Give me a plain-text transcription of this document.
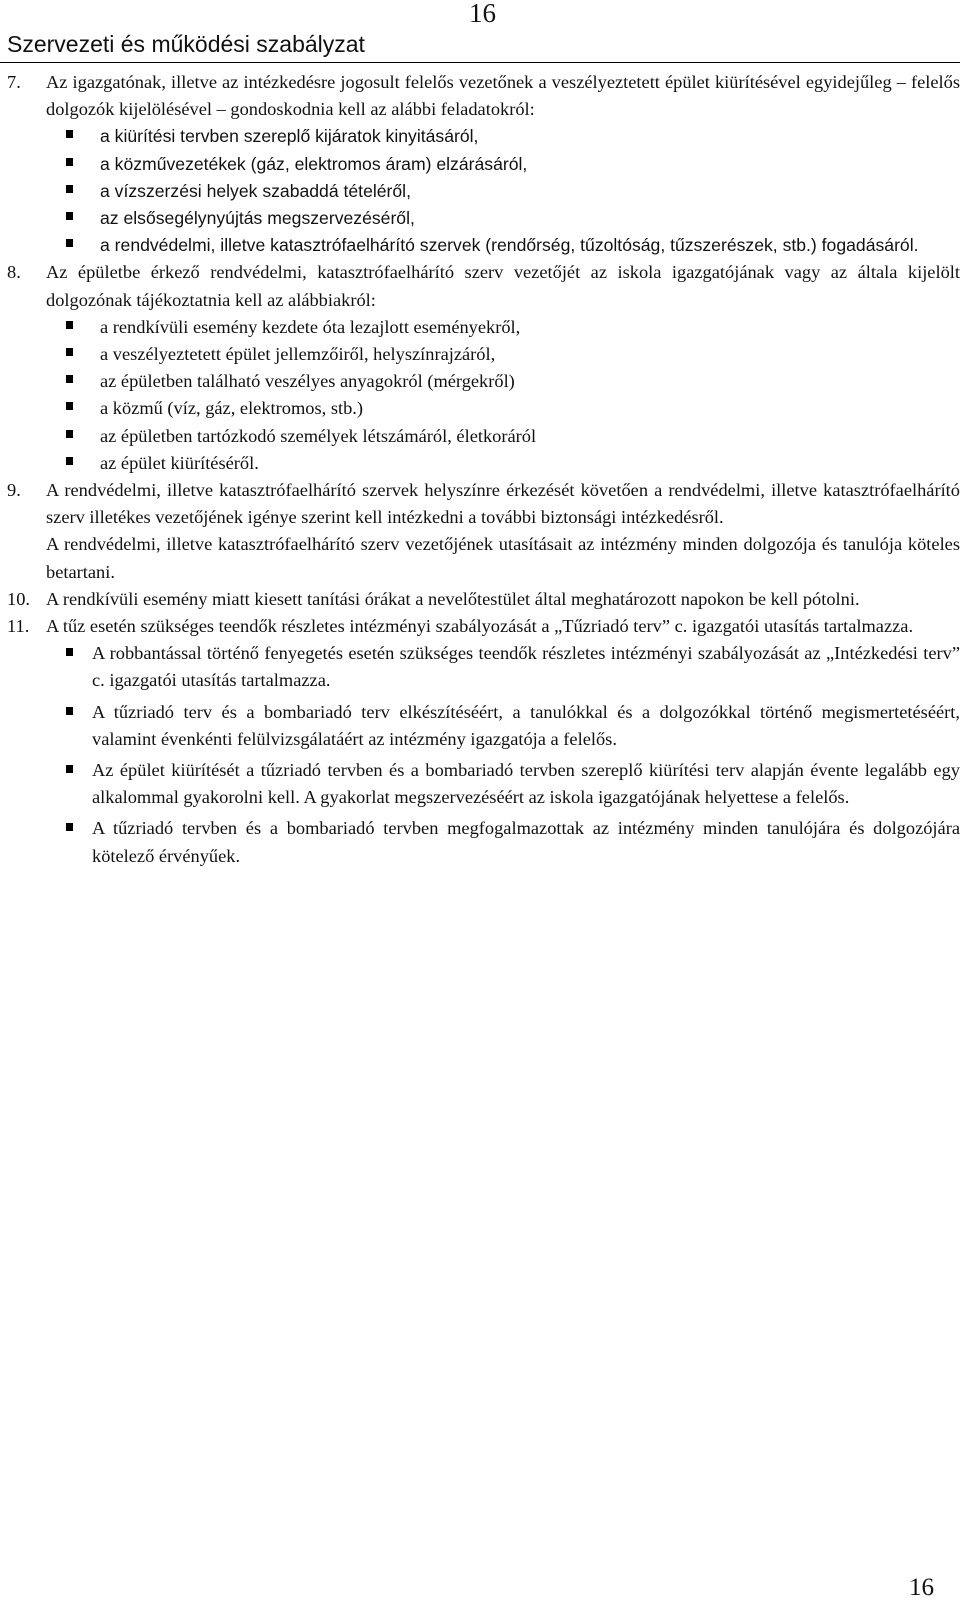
16
Szervezeti és működési szabályzat
7. Az igazgatónak, illetve az intézkedésre jogosult felelős vezetőnek a veszélyeztetett épület kiürítésével egyidejűleg – felelős dolgozók kijelölésével – gondoskodnia kell az alábbi feladatokról:
a kiürítési tervben szereplő kijáratok kinyitásáról,
a közművezetékek (gáz, elektromos áram) elzárásáról,
a vízszerzési helyek szabaddá tételéről,
az elsősegélynyújtás megszervezéséről,
a rendvédelmi, illetve katasztrófaelhárító szervek (rendőrség, tűzoltóság, tűzszerészek, stb.) fogadásáról.
8. Az épületbe érkező rendvédelmi, katasztrófaelhárító szerv vezetőjét az iskola igazgatójának vagy az általa kijelölt dolgozónak tájékoztatnia kell az alábbiakról:
a rendkívüli esemény kezdete óta lezajlott eseményekről,
a veszélyeztetett épület jellemzőiről, helyszínrajzáról,
az épületben található veszélyes anyagokról (mérgekről)
a közmű (víz, gáz, elektromos, stb.)
az épületben tartózkodó személyek létszámáról, életkoráról
az épület kiürítéséről.
9. A rendvédelmi, illetve katasztrófaelhárító szervek helyszínre érkezését követően a rendvédelmi, illetve katasztrófaelhárító szerv illetékes vezetőjének igénye szerint kell intézkedni a további biztonsági intézkedésről.
A rendvédelmi, illetve katasztrófaelhárító szerv vezetőjének utasításait az intézmény minden dolgozója és tanulója köteles betartani.
10. A rendkívüli esemény miatt kiesett tanítási órákat a nevelőtestület által meghatározott napokon be kell pótolni.
11. A tűz esetén szükséges teendők részletes intézményi szabályozását a „Tűzriadó terv” c. igazgatói utasítás tartalmazza.
A robbantással történő fenyegetés esetén szükséges teendők részletes intézményi szabályozását az „Intézkedési terv” c. igazgatói utasítás tartalmazza.
A tűzriadó terv és a bombariadó terv elkészítéséért, a tanulókkal és a dolgozókkal történő megismertetéséért, valamint évenkénti felülvizsgálatáért az intézmény igazgatója a felelős.
Az épület kiürítését a tűzriadó tervben és a bombariadó tervben szereplő kiürítési terv alapján évente legalább egy alkalommal gyakorolni kell. A gyakorlat megszervezéséért az iskola igazgatójának helyettese a felelős.
A tűzriadó tervben és a bombariadó tervben megfogalmazottak az intézmény minden tanulójára és dolgozójára kötelező érvényűek.
16
